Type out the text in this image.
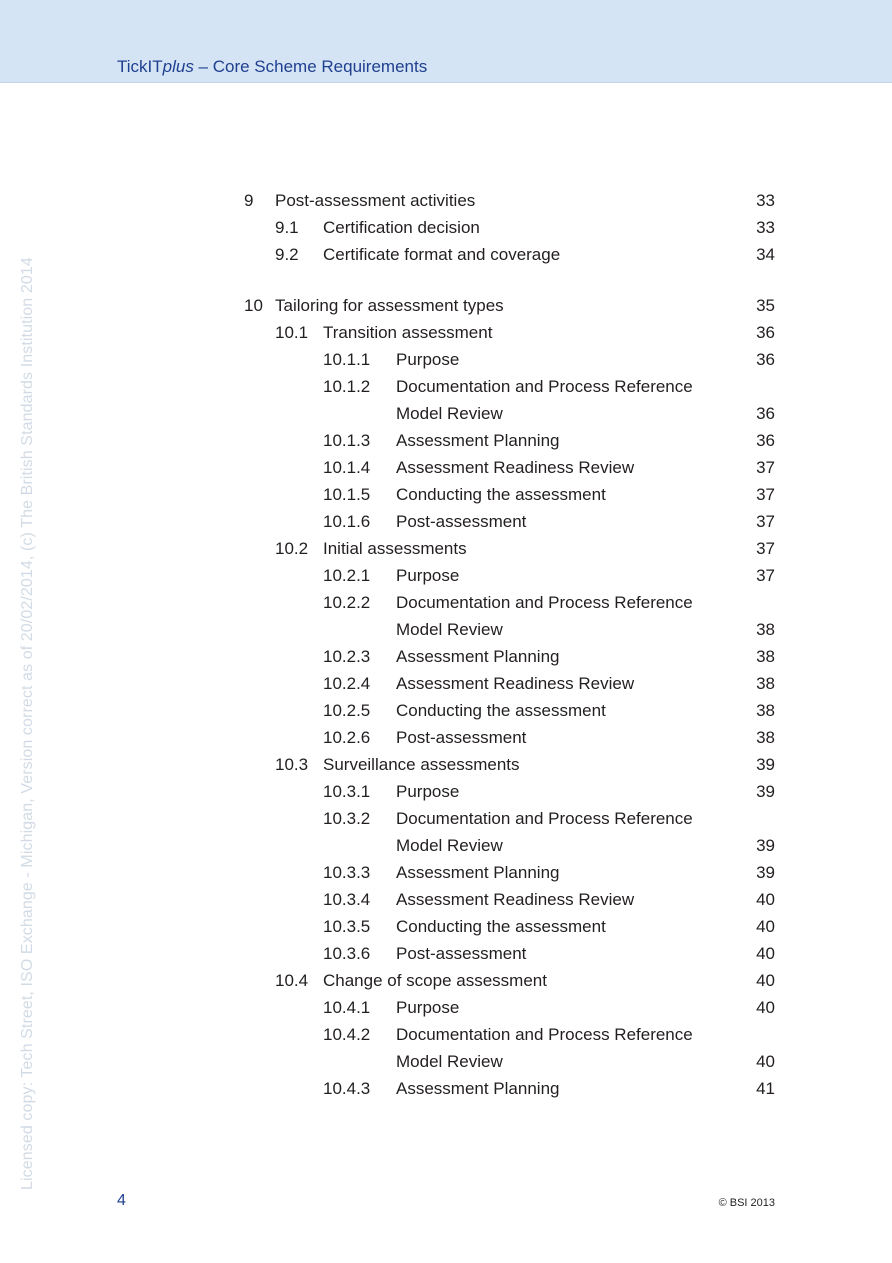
TickITplus – Core Scheme Requirements
Licensed copy: Tech Street, ISO Exchange - Michigan, Version correct as of 20/02/2014, (c) The British Standards Institution 2014
9 Post-assessment activities	33
9.1 Certification decision	33
9.2 Certificate format and coverage	34
10 Tailoring for assessment types	35
10.1 Transition assessment	36
10.1.1 Purpose	36
10.1.2 Documentation and Process Reference
Model Review	36
10.1.3 Assessment Planning	36
10.1.4 Assessment Readiness Review	37
10.1.5 Conducting the assessment	37
10.1.6 Post-assessment	37
10.2 Initial assessments	37
10.2.1 Purpose	37
10.2.2 Documentation and Process Reference
Model Review	38
10.2.3 Assessment Planning	38
10.2.4 Assessment Readiness Review	38
10.2.5 Conducting the assessment	38
10.2.6 Post-assessment	38
10.3 Surveillance assessments	39
10.3.1 Purpose	39
10.3.2 Documentation and Process Reference
Model Review	39
10.3.3 Assessment Planning	39
10.3.4 Assessment Readiness Review	40
10.3.5 Conducting the assessment	40
10.3.6 Post-assessment	40
10.4 Change of scope assessment	40
10.4.1 Purpose	40
10.4.2 Documentation and Process Reference
Model Review	40
10.4.3 Assessment Planning	41
4	© BSI 2013
